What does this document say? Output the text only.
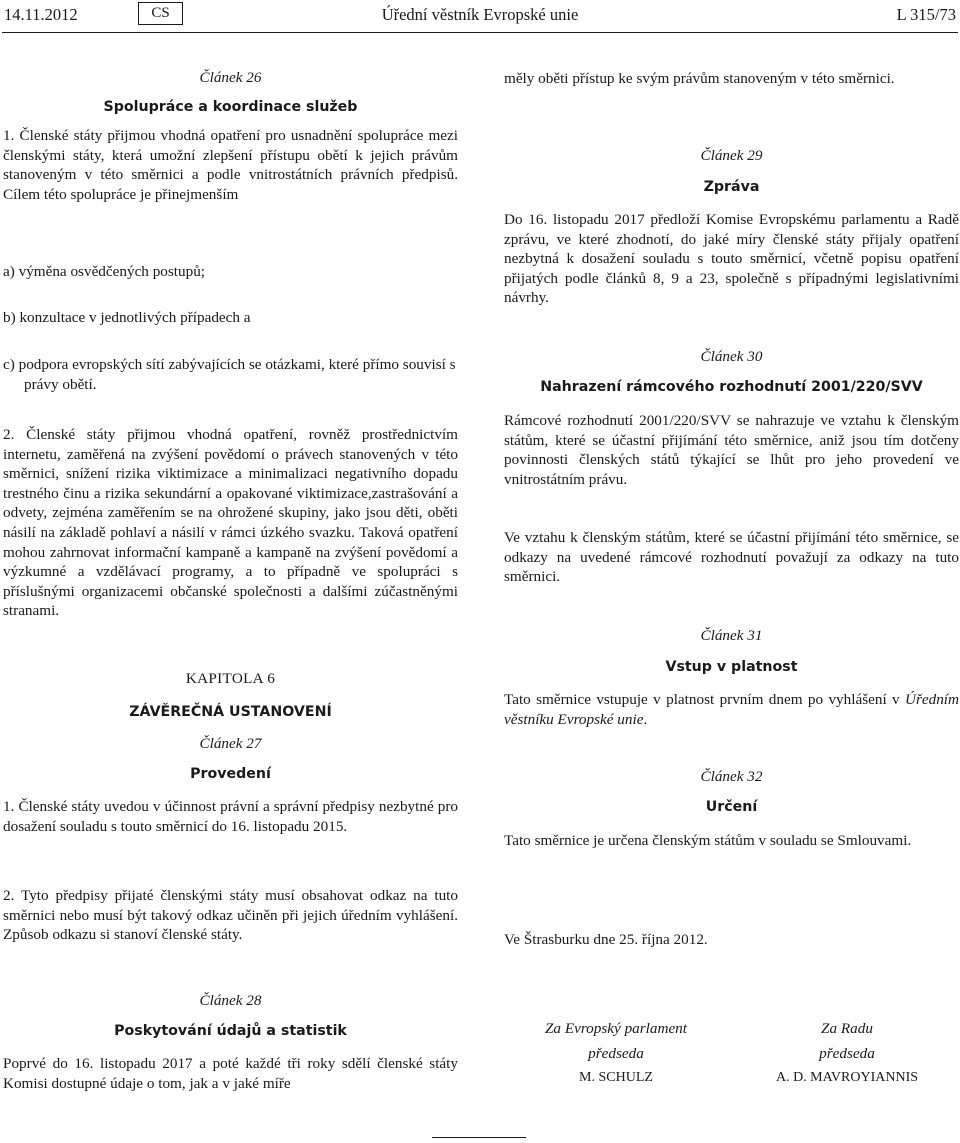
14.11.2012	CS	Úřední věstník Evropské unie	L 315/73

Článek 26

Spolupráce a koordinace služeb

1. Členské státy přijmou vhodná opatření pro usnadnění spolupráce mezi členskými státy, která umožní zlepšení přístupu obětí k jejich právům stanoveným v této směrnici a podle vnitrostátních právních předpisů. Cílem této spolupráce je přinejmenším

a) výměna osvědčených postupů;

b) konzultace v jednotlivých případech a

c) podpora evropských sítí zabývajících se otázkami, které přímo souvisí s právy obětí.

2. Členské státy přijmou vhodná opatření, rovněž prostřednictvím internetu, zaměřená na zvýšení povědomí o právech stanovených v této směrnici, snížení rizika viktimizace a minimalizaci negativního dopadu trestného činu a rizika sekundární a opakované viktimizace,zastrašování a odvety, zejména zaměřením se na ohrožené skupiny, jako jsou děti, oběti násilí na základě pohlaví a násilí v rámci úzkého svazku. Taková opatření mohou zahrnovat informační kampaně a kampaně na zvýšení povědomí a výzkumné a vzdělávací programy, a to případně ve spolupráci s příslušnými organizacemi občanské společnosti a dalšími zúčastněnými stranami.

KAPITOLA 6

ZÁVĚREČNÁ USTANOVENÍ

Článek 27

Provedení

1. Členské státy uvedou v účinnost právní a správní předpisy nezbytné pro dosažení souladu s touto směrnicí do 16. listopadu 2015.

2. Tyto předpisy přijaté členskými státy musí obsahovat odkaz na tuto směrnici nebo musí být takový odkaz učiněn při jejich úředním vyhlášení. Způsob odkazu si stanoví členské státy.

Článek 28

Poskytování údajů a statistik

Poprvé do 16. listopadu 2017 a poté každé tři roky sdělí členské státy Komisi dostupné údaje o tom, jak a v jaké míře

měly oběti přístup ke svým právům stanoveným v této směrnici.

Článek 29

Zpráva

Do 16. listopadu 2017 předloží Komise Evropskému parlamentu a Radě zprávu, ve které zhodnotí, do jaké míry členské státy přijaly opatření nezbytná k dosažení souladu s touto směrnicí, včetně popisu opatření přijatých podle článků 8, 9 a 23, společně s případnými legislativními návrhy.

Článek 30

Nahrazení rámcového rozhodnutí 2001/220/SVV

Rámcové rozhodnutí 2001/220/SVV se nahrazuje ve vztahu k členským státům, které se účastní přijímání této směrnice, aniž jsou tím dotčeny povinnosti členských států týkající se lhůt pro jeho provedení ve vnitrostátním právu.

Ve vztahu k členským státům, které se účastní přijímání této směrnice, se odkazy na uvedené rámcové rozhodnutí považují za odkazy na tuto směrnici.

Článek 31

Vstup v platnost

Tato směrnice vstupuje v platnost prvním dnem po vyhlášení v Úředním věstníku Evropské unie.

Článek 32

Určení

Tato směrnice je určena členským státům v souladu se Smlouvami.

Ve Štrasburku dne 25. října 2012.

Za Evropský parlament
předseda
M. SCHULZ
Za Radu
předseda
A. D. MAVROYIANNIS
